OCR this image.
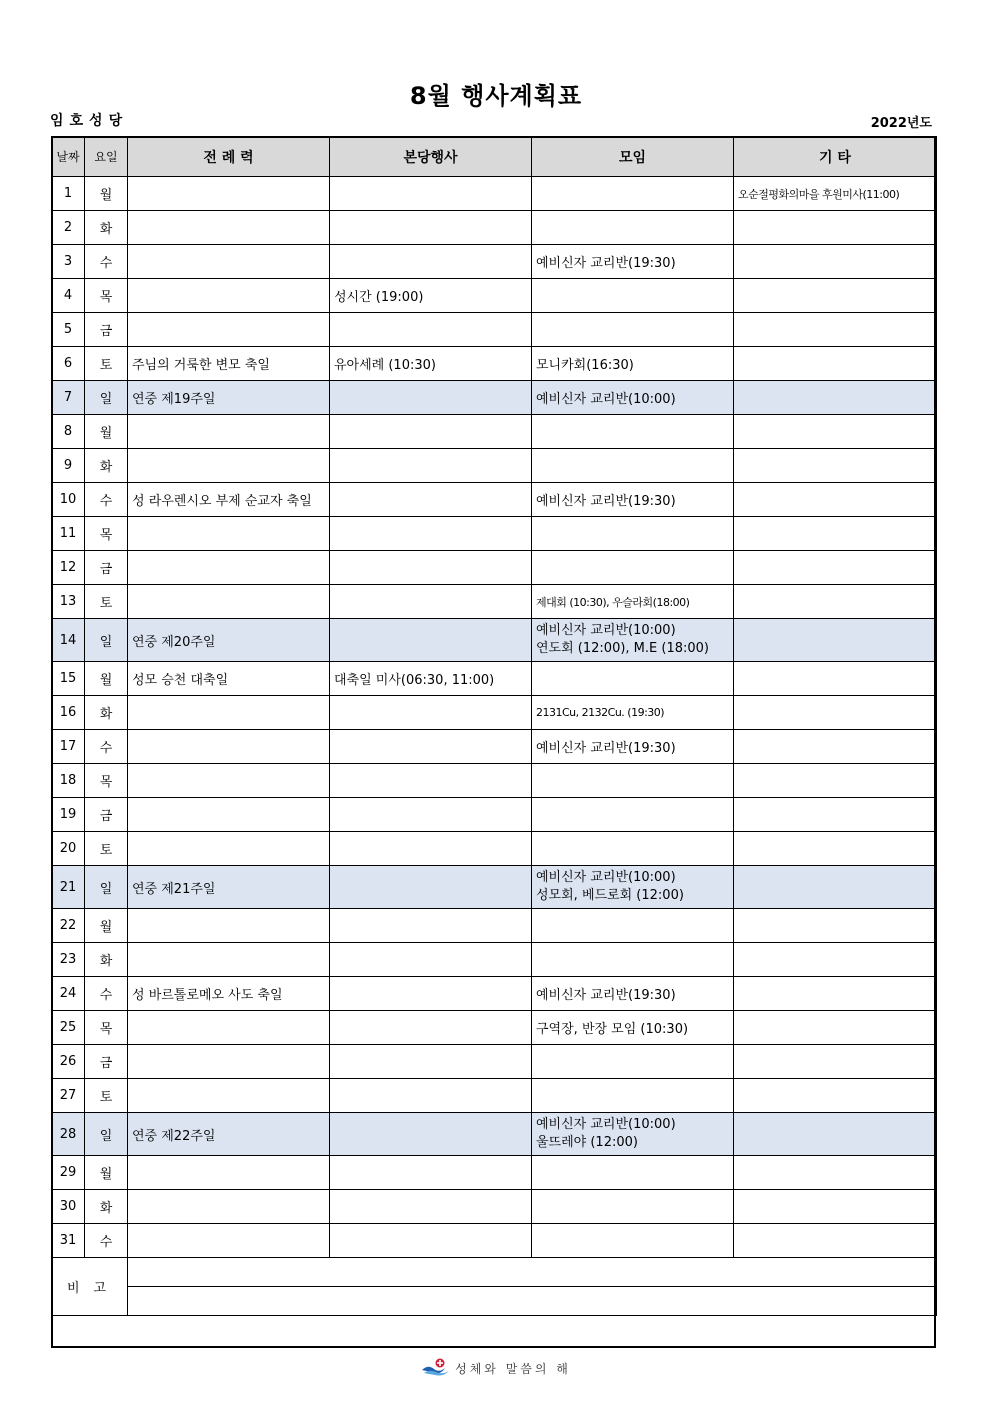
8월 행사계획표
임호성당	2022년도
날짜	요일	전 례 력	본당행사	모임	기 타
1	월				오순절평화의마을 후원미사(11:00)
2	화				
3	수			예비신자 교리반(19:30)	
4	목		성시간 (19:00)		
5	금				
6	토	주님의 거룩한 변모 축일	유아세례 (10:30)	모니카회(16:30)	
7	일	연중 제19주일		예비신자 교리반(10:00)	
8	월				
9	화				
10	수	성 라우렌시오 부제 순교자 축일		예비신자 교리반(19:30)	
11	목				
12	금				
13	토			제대회 (10:30), 우슬라회(18:00)	
14	일	연중 제20주일		예비신자 교리반(10:00)
연도회 (12:00), M.E (18:00)	

15	월	성모 승천 대축일	대축일 미사(06:30, 11:00)		
16	화			2131Cu, 2132Cu. (19:30)	
17	수			예비신자 교리반(19:30)	
18	목				
19	금				
20	토				
21	일	연중 제21주일		예비신자 교리반(10:00)
성모회, 베드로회 (12:00)	

22	월				
23	화				
24	수	성 바르톨로메오 사도 축일		예비신자 교리반(19:30)	
25	목			구역장, 반장 모임 (10:30)	
26	금				
27	토				
28	일	연중 제22주일		예비신자 교리반(10:00)
울뜨레야 (12:00)	

29	월				
30	화				
31	수				
비고					

성체와 말씀의 해
